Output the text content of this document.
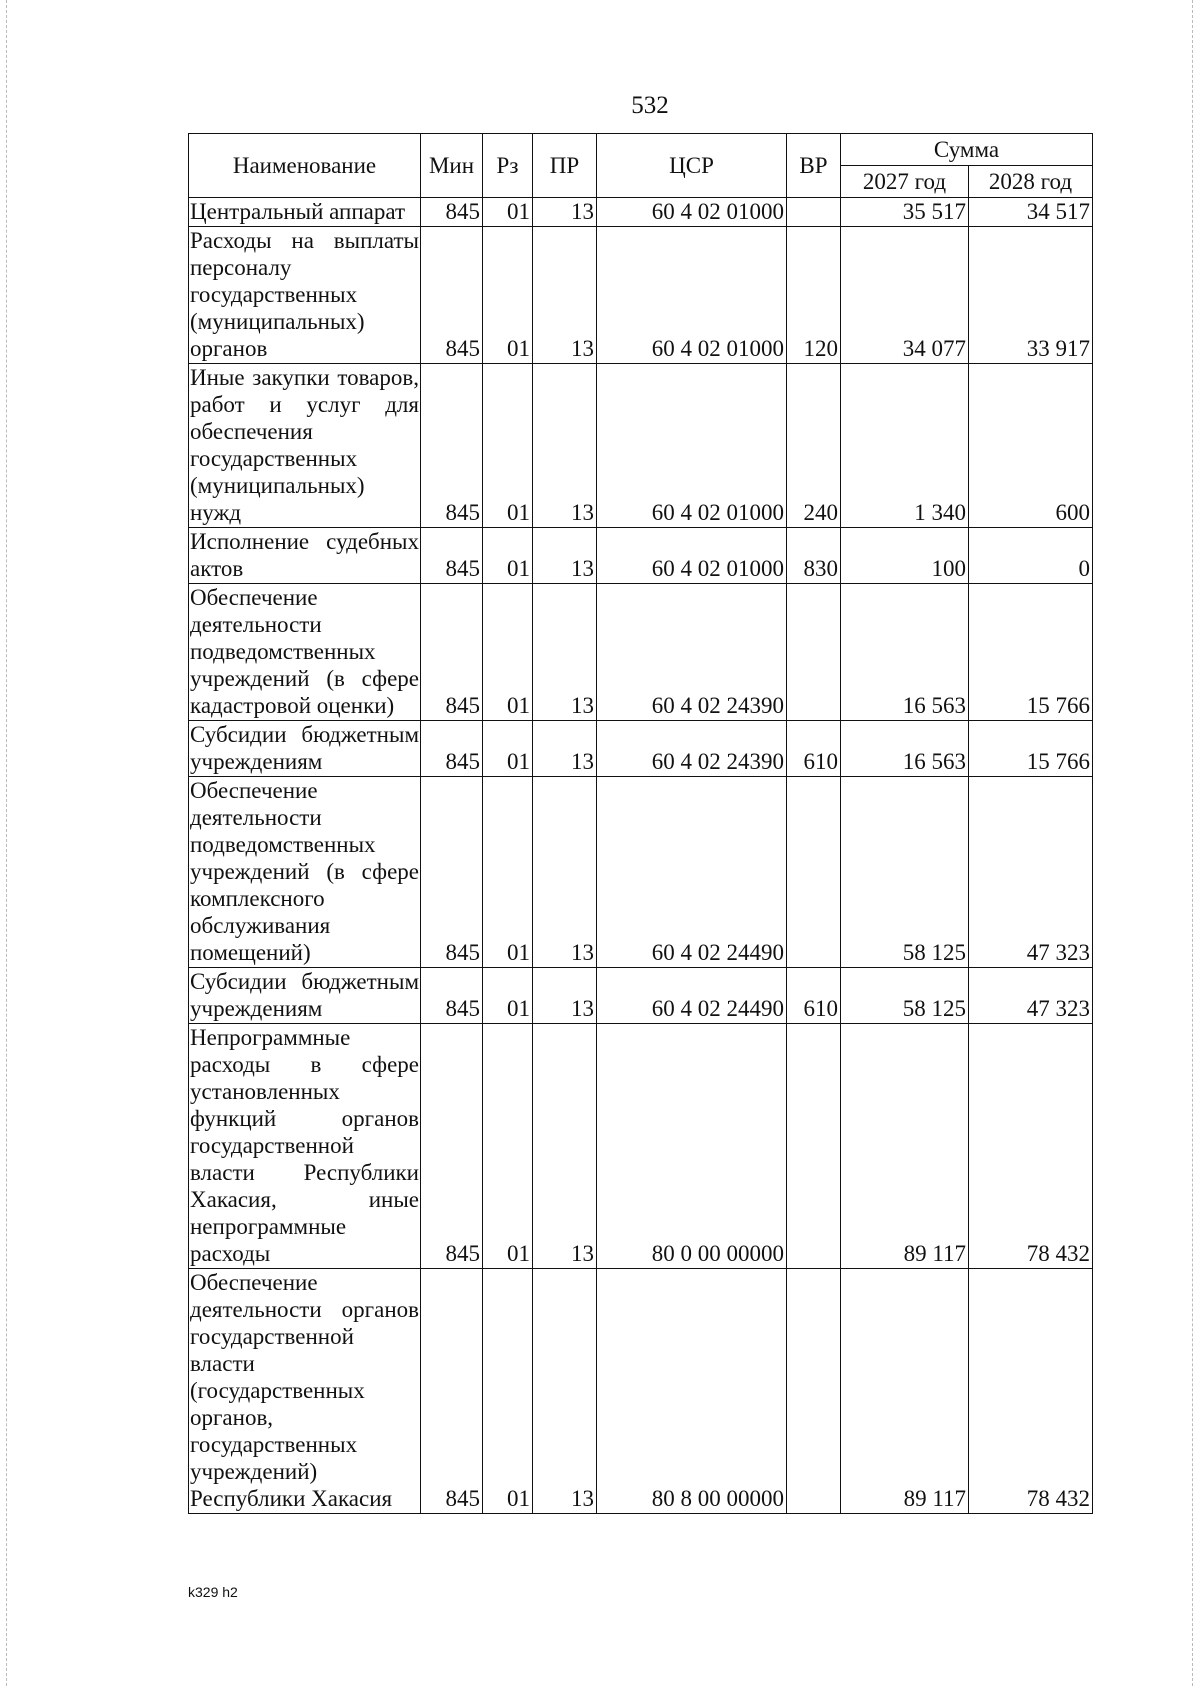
532
Наименование	Мин	Рз	ПР	ЦСР	ВР	Сумма	
						2027 год	2028 год
Центральный аппарат	845	01	13	60 4 02 01000		35 517	34 517
Расходы на выплаты персоналу государственных (муниципальных) органов	845	01	13	60 4 02 01000	120	34 077	33 917
Иные закупки товаров, работ и услуг для обеспечения государственных (муниципальных) нужд	845	01	13	60 4 02 01000	240	1 340	600
Исполнение судебных актов	845	01	13	60 4 02 01000	830	100	0
Обеспечение деятельности подведомственных учреждений (в сфере кадастровой оценки)	845	01	13	60 4 02 24390		16 563	15 766
Субсидии бюджетным учреждениям	845	01	13	60 4 02 24390	610	16 563	15 766
Обеспечение деятельности подведомственных учреждений (в сфере комплексного обслуживания помещений)	845	01	13	60 4 02 24490		58 125	47 323
Субсидии бюджетным учреждениям	845	01	13	60 4 02 24490	610	58 125	47 323
Непрограммные расходы в сфере установленных функций органов государственной власти Республики Хакасия, иные непрограммные расходы	845	01	13	80 0 00 00000		89 117	78 432
Обеспечение деятельности органов государственной власти (государственных органов, государственных учреждений) Республики Хакасия	845	01	13	80 8 00 00000		89 117	78 432
k329 h2
